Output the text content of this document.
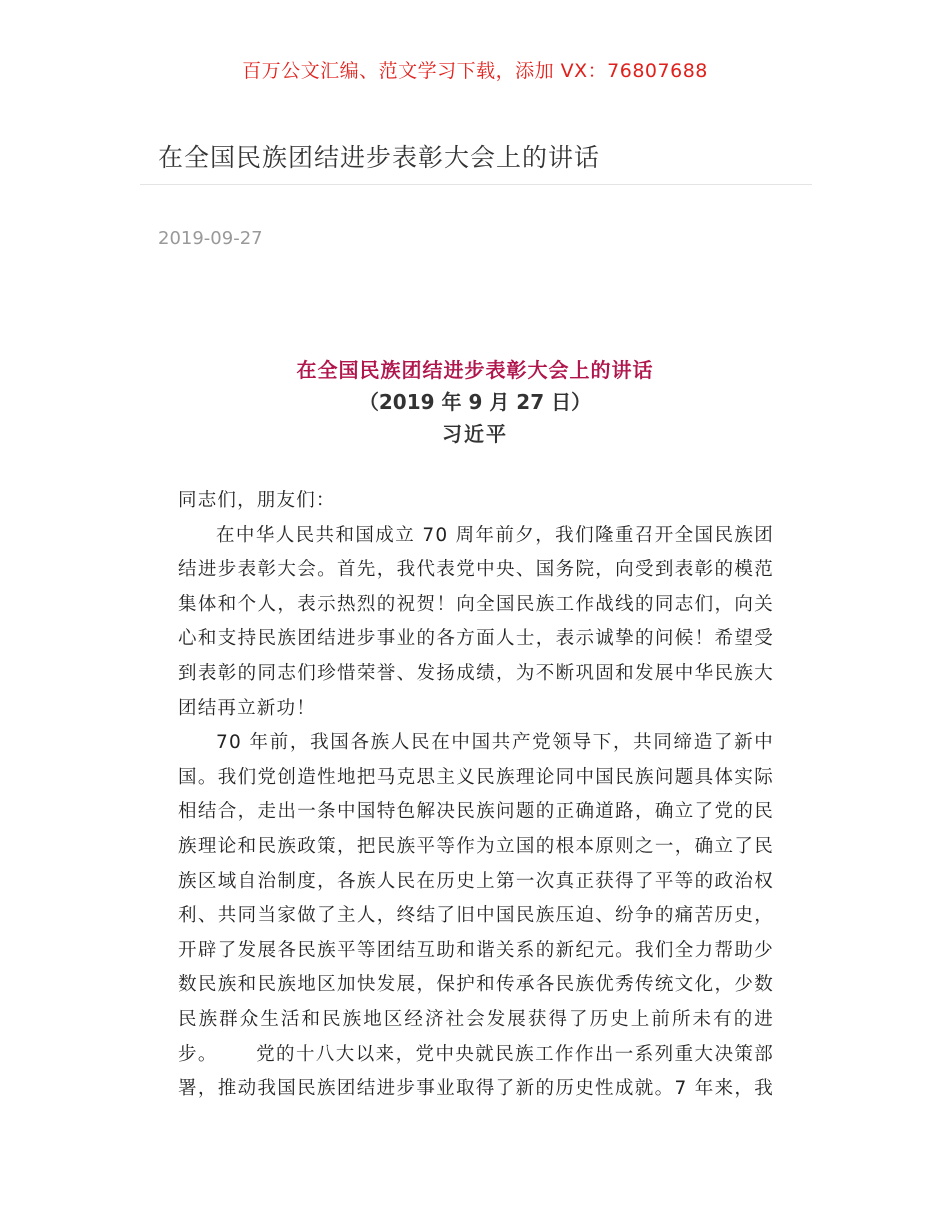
百万公文汇编、范文学习下载，添加 VX：76807688
在全国民族团结进步表彰大会上的讲话
2019-09-27
在全国民族团结进步表彰大会上的讲话
（2019 年 9 月 27 日）
习近平
同志们，朋友们：
在中华人民共和国成立 70 周年前夕，我们隆重召开全国民族团
结进步表彰大会。首先，我代表党中央、国务院，向受到表彰的模范
集体和个人，表示热烈的祝贺！向全国民族工作战线的同志们，向关
心和支持民族团结进步事业的各方面人士，表示诚挚的问候！希望受
到表彰的同志们珍惜荣誉、发扬成绩，为不断巩固和发展中华民族大
团结再立新功！
70 年前，我国各族人民在中国共产党领导下，共同缔造了新中
国。我们党创造性地把马克思主义民族理论同中国民族问题具体实际
相结合，走出一条中国特色解决民族问题的正确道路，确立了党的民
族理论和民族政策，把民族平等作为立国的根本原则之一，确立了民
族区域自治制度，各族人民在历史上第一次真正获得了平等的政治权
利、共同当家做了主人，终结了旧中国民族压迫、纷争的痛苦历史，
开辟了发展各民族平等团结互助和谐关系的新纪元。我们全力帮助少
数民族和民族地区加快发展，保护和传承各民族优秀传统文化，少数
民族群众生活和民族地区经济社会发展获得了历史上前所未有的进
步。 党的十八大以来，党中央就民族工作作出一系列重大决策部
署，推动我国民族团结进步事业取得了新的历史性成就。7 年来，我
